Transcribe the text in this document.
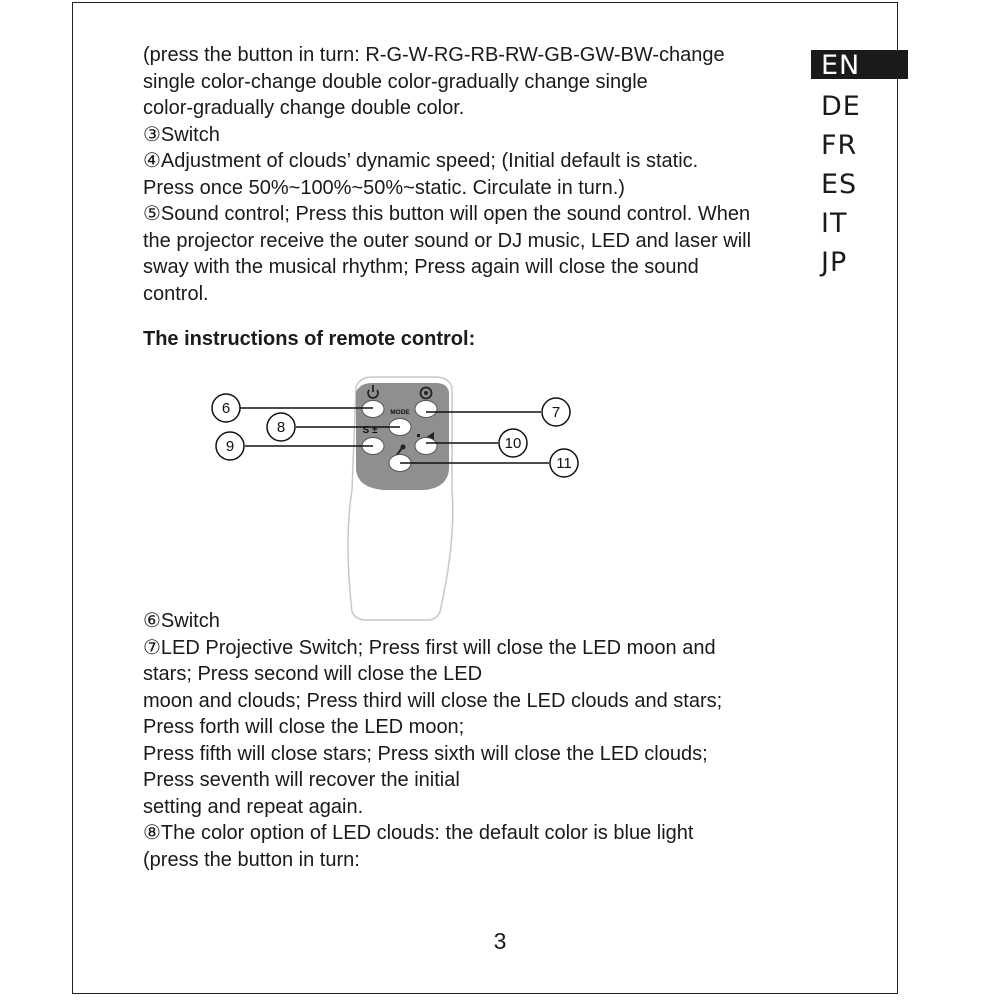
(press the button in turn: R-G-W-RG-RB-RW-GB-GW-BW-change

single color-change double color-gradually change single

color-gradually change double color.

③Switch

④Adjustment of clouds’ dynamic speed; (Initial default is static.

Press once 50%~100%~50%~static. Circulate in turn.)

⑤Sound control; Press this button will open the sound control. When

the projector receive the outer sound or DJ music, LED and laser will

sway with the musical rhythm; Press again will close the sound

control.

EN
DE
FR
ES
IT
JP
The instructions of remote control:
MODE
S ±
6	7
8
9	10
11

⑥Switch

⑦LED Projective Switch; Press first will close the LED moon and

stars; Press second will close the LED

moon and clouds; Press third will close the LED clouds and stars;

Press forth will close the LED moon;

Press fifth will close stars; Press sixth will close the LED clouds;

Press seventh will recover the initial

setting and repeat again.

⑧The color option of LED clouds: the default color is blue light

(press the button in turn:

3
